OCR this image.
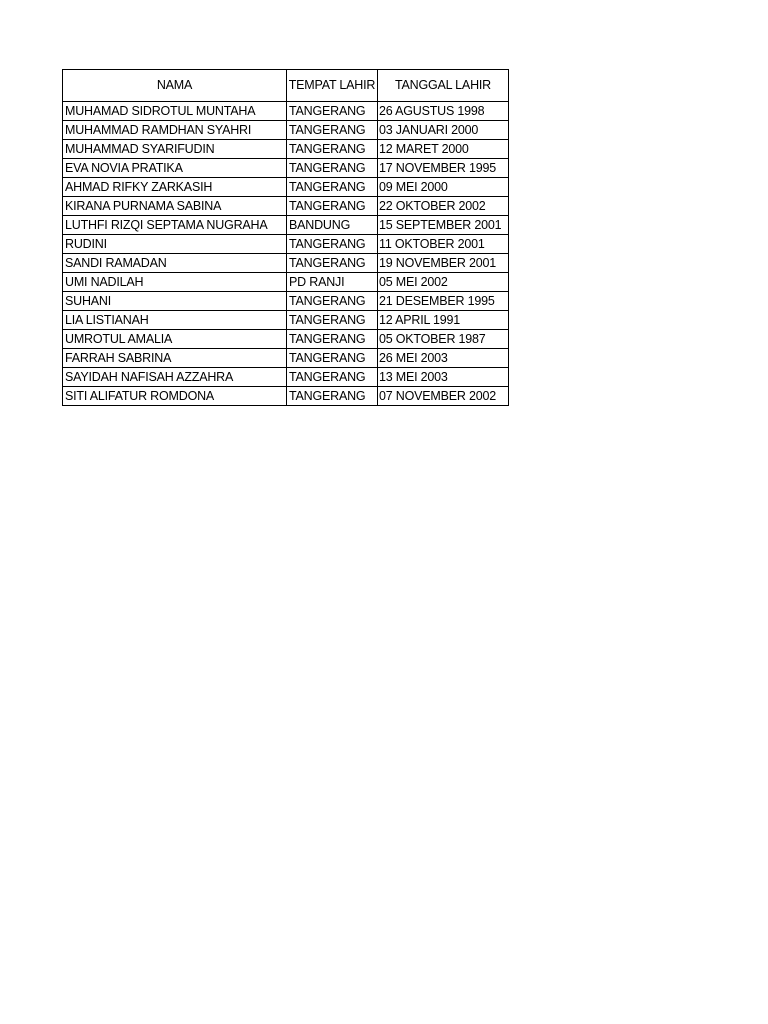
NAMA	TEMPAT LAHIR	TANGGAL LAHIR
MUHAMAD SIDROTUL MUNTAHA	TANGERANG	26 AGUSTUS 1998
MUHAMMAD RAMDHAN SYAHRI	TANGERANG	03 JANUARI 2000
MUHAMMAD SYARIFUDIN	TANGERANG	12 MARET 2000
EVA NOVIA PRATIKA	TANGERANG	17 NOVEMBER 1995
AHMAD RIFKY ZARKASIH	TANGERANG	09 MEI 2000
KIRANA PURNAMA SABINA	TANGERANG	22 OKTOBER 2002
LUTHFI RIZQI SEPTAMA NUGRAHA	BANDUNG	15 SEPTEMBER 2001
RUDINI	TANGERANG	11 OKTOBER 2001
SANDI RAMADAN	TANGERANG	19 NOVEMBER 2001
UMI NADILAH	PD RANJI	05 MEI 2002
SUHANI	TANGERANG	21 DESEMBER 1995
LIA LISTIANAH	TANGERANG	12 APRIL 1991
UMROTUL AMALIA	TANGERANG	05 OKTOBER 1987
FARRAH SABRINA	TANGERANG	26 MEI 2003
SAYIDAH NAFISAH AZZAHRA	TANGERANG	13 MEI 2003
SITI ALIFATUR ROMDONA	TANGERANG	07 NOVEMBER 2002
